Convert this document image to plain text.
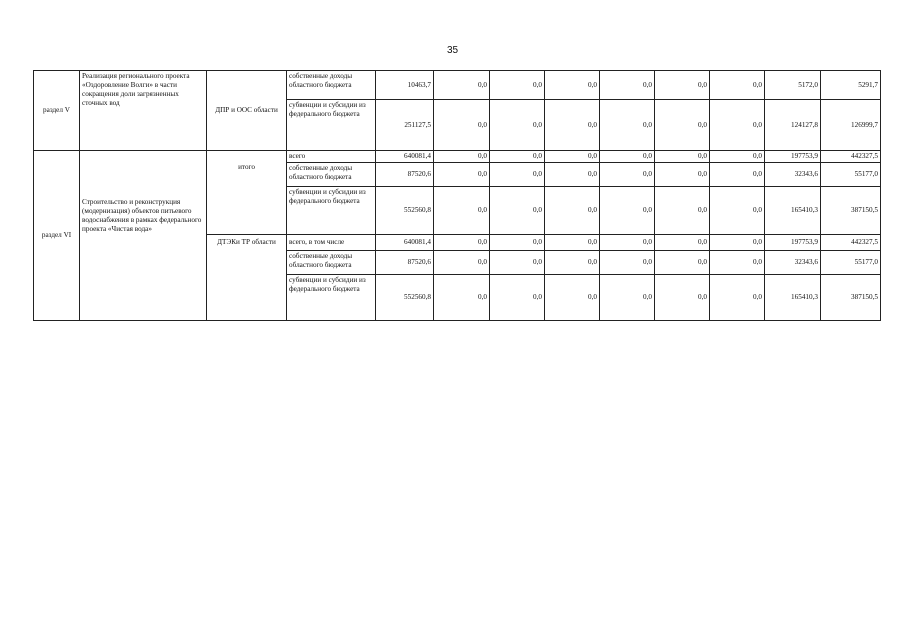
35
раздел V	Реализация регионального проекта «Оздоровление Волги» в части сокращения доли загрязненных сточных вод	ДПР и ООС области	собственные доходы областного бюджета	10463,7	0,0	0,0	0,0	0,0	0,0	0,0	5172,0	5291,7
			субвенции и субсидии из федерального бюджета	251127,5	0,0	0,0	0,0	0,0	0,0	0,0	124127,8	126999,7
раздел VI	Строительство и реконструкция (модернизация) объектов питьевого водоснабжения в рамках федерального проекта «Чистая вода»	итого	всего	640081,4	0,0	0,0	0,0	0,0	0,0	0,0	197753,9	442327,5
			собственные доходы областного бюджета	87520,6	0,0	0,0	0,0	0,0	0,0	0,0	32343,6	55177,0
			субвенции и субсидии из федерального бюджета	552560,8	0,0	0,0	0,0	0,0	0,0	0,0	165410,3	387150,5
		ДТЭКи ТР области	всего, в том числе	640081,4	0,0	0,0	0,0	0,0	0,0	0,0	197753,9	442327,5
			собственные доходы областного бюджета	87520,6	0,0	0,0	0,0	0,0	0,0	0,0	32343,6	55177,0
			субвенции и субсидии из федерального бюджета	552560,8	0,0	0,0	0,0	0,0	0,0	0,0	165410,3	387150,5
